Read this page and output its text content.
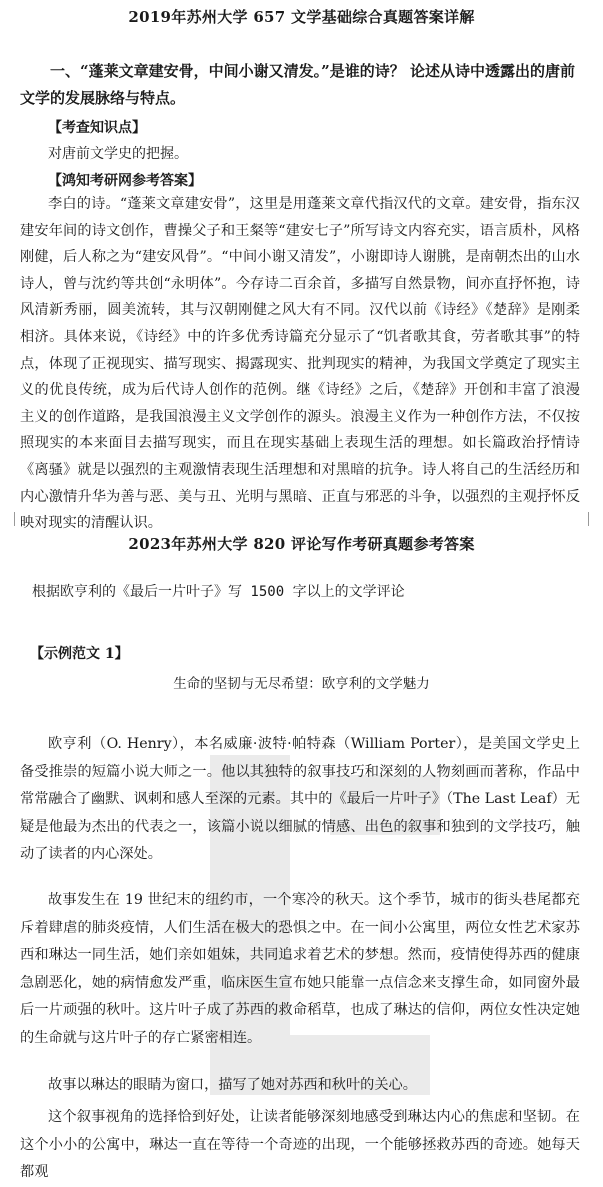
2019年苏州大学 657 文学基础综合真题答案详解
一、“蓬莱文章建安骨，中间小谢又清发。”是谁的诗？ 论述从诗中透露出的唐前文学的发展脉络与特点。
【考查知识点】
对唐前文学史的把握。
【鸿知考研网参考答案】

李白的诗。“蓬莱文章建安骨”，这里是用蓬莱文章代指汉代的文章。建安骨，指东汉建安年间的诗文创作，曹操父子和王粲等“建安七子”所写诗文内容充实，语言质朴，风格刚健，后人称之为“建安风骨”。“中间小谢又清发”，小谢即诗人谢朓，是南朝杰出的山水诗人，曾与沈约等共创“永明体”。今存诗二百余首，多描写自然景物，间亦直抒怀抱，诗风清新秀丽，圆美流转，其与汉朝刚健之风大有不同。汉代以前《诗经》《楚辞》是刚柔相济。具体来说，《诗经》中的许多优秀诗篇充分显示了“饥者歌其食，劳者歌其事”的特点，体现了正视现实、描写现实、揭露现实、批判现实的精神，为我国文学奠定了现实主义的优良传统，成为后代诗人创作的范例。继《诗经》之后，《楚辞》开创和丰富了浪漫主义的创作道路，是我国浪漫主义文学创作的源头。浪漫主义作为一种创作方法，不仅按照现实的本来面目去描写现实，而且在现实基础上表现生活的理想。如长篇政治抒情诗《离骚》就是以强烈的主观激情表现生活理想和对黑暗的抗争。诗人将自己的生活经历和内心激情升华为善与恶、美与丑、光明与黑暗、正直与邪恶的斗争，以强烈的主观抒怀反映对现实的清醒认识。

2023年苏州大学 820 评论写作考研真题参考答案
根据欧亨利的《最后一片叶子》写 1500 字以上的文学评论
【示例范文 1】
生命的坚韧与无尽希望：欧亨利的文学魅力

欧亨利（O. Henry），本名威廉·波特·帕特森（William Porter），是美国文学史上备受推崇的短篇小说大师之一。他以其独特的叙事技巧和深刻的人物刻画而著称，作品中常常融合了幽默、讽刺和感人至深的元素。其中的《最后一片叶子》（The Last Leaf）无疑是他最为杰出的代表之一，该篇小说以细腻的情感、出色的叙事和独到的文学技巧，触动了读者的内心深处。

故事发生在 19 世纪末的纽约市，一个寒冷的秋天。这个季节，城市的街头巷尾都充斥着肆虐的肺炎疫情，人们生活在极大的恐惧之中。在一间小公寓里，两位女性艺术家苏西和琳达一同生活，她们亲如姐妹，共同追求着艺术的梦想。然而，疫情使得苏西的健康急剧恶化，她的病情愈发严重，临床医生宣布她只能靠一点信念来支撑生命，如同窗外最后一片顽强的秋叶。这片叶子成了苏西的救命稻草，也成了琳达的信仰，两位女性决定她的生命就与这片叶子的存亡紧密相连。

故事以琳达的眼睛为窗口，描写了她对苏西和秋叶的关心。

这个叙事视角的选择恰到好处，让读者能够深刻地感受到琳达内心的焦虑和坚韧。在这个小小的公寓中，琳达一直在等待一个奇迹的出现，一个能够拯救苏西的奇迹。她每天都观
